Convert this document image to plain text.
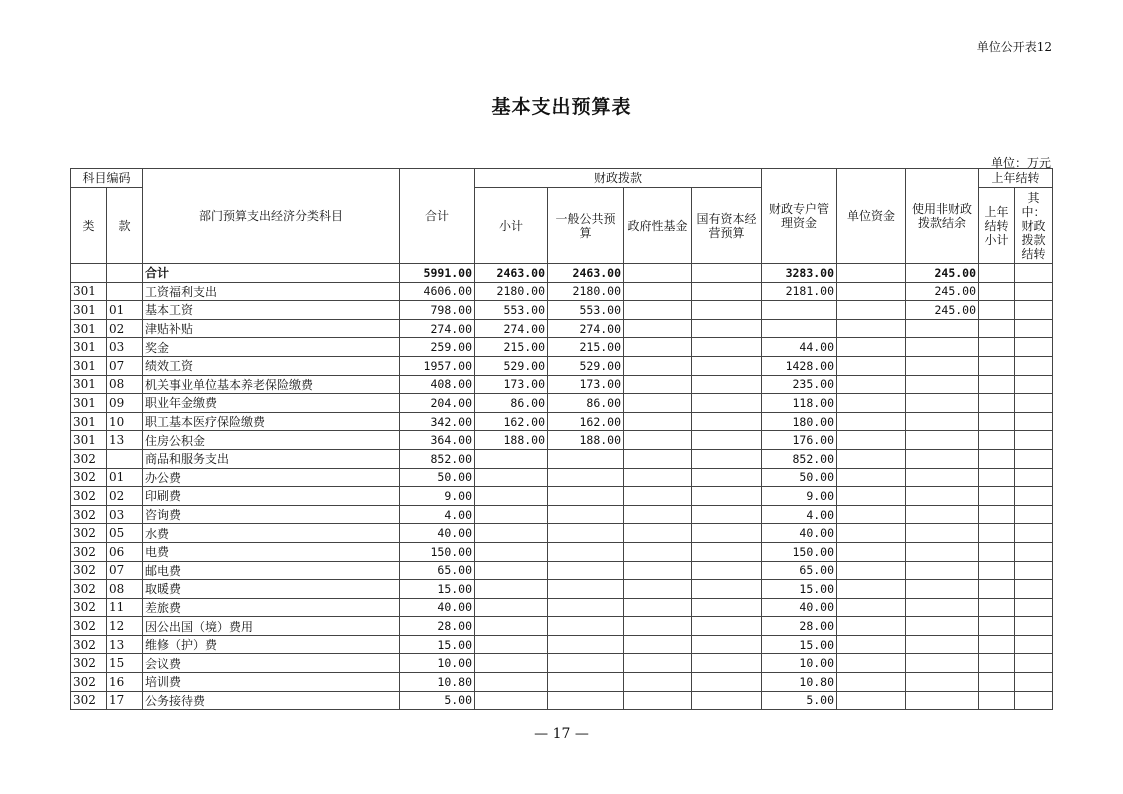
单位公开表12
基本支出预算表
单位：万元
科目编码		部门预算支出经济分类科目	合计	财政拨款				财政专户管理资金	单位资金	使用非财政拨款结余	上年结转	
类	款			小计	一般公共预算	政府性基金	国有资本经营预算				上年结转小计	其中：财政拨款结转
		合计	5991.00	2463.00	2463.00			3283.00		245.00		
301		工资福利支出	4606.00	2180.00	2180.00			2181.00		245.00		
301	01	基本工资	798.00	553.00	553.00					245.00		
301	02	津贴补贴	274.00	274.00	274.00							
301	03	奖金	259.00	215.00	215.00			44.00				
301	07	绩效工资	1957.00	529.00	529.00			1428.00				
301	08	机关事业单位基本养老保险缴费	408.00	173.00	173.00			235.00				
301	09	职业年金缴费	204.00	86.00	86.00			118.00				
301	10	职工基本医疗保险缴费	342.00	162.00	162.00			180.00				
301	13	住房公积金	364.00	188.00	188.00			176.00				
302		商品和服务支出	852.00					852.00				
302	01	办公费	50.00					50.00				
302	02	印刷费	9.00					9.00				
302	03	咨询费	4.00					4.00				
302	05	水费	40.00					40.00				
302	06	电费	150.00					150.00				
302	07	邮电费	65.00					65.00				
302	08	取暖费	15.00					15.00				
302	11	差旅费	40.00					40.00				
302	12	因公出国（境）费用	28.00					28.00				
302	13	维修（护）费	15.00					15.00				
302	15	会议费	10.00					10.00				
302	16	培训费	10.80					10.80				
302	17	公务接待费	5.00					5.00				
— 17 —
